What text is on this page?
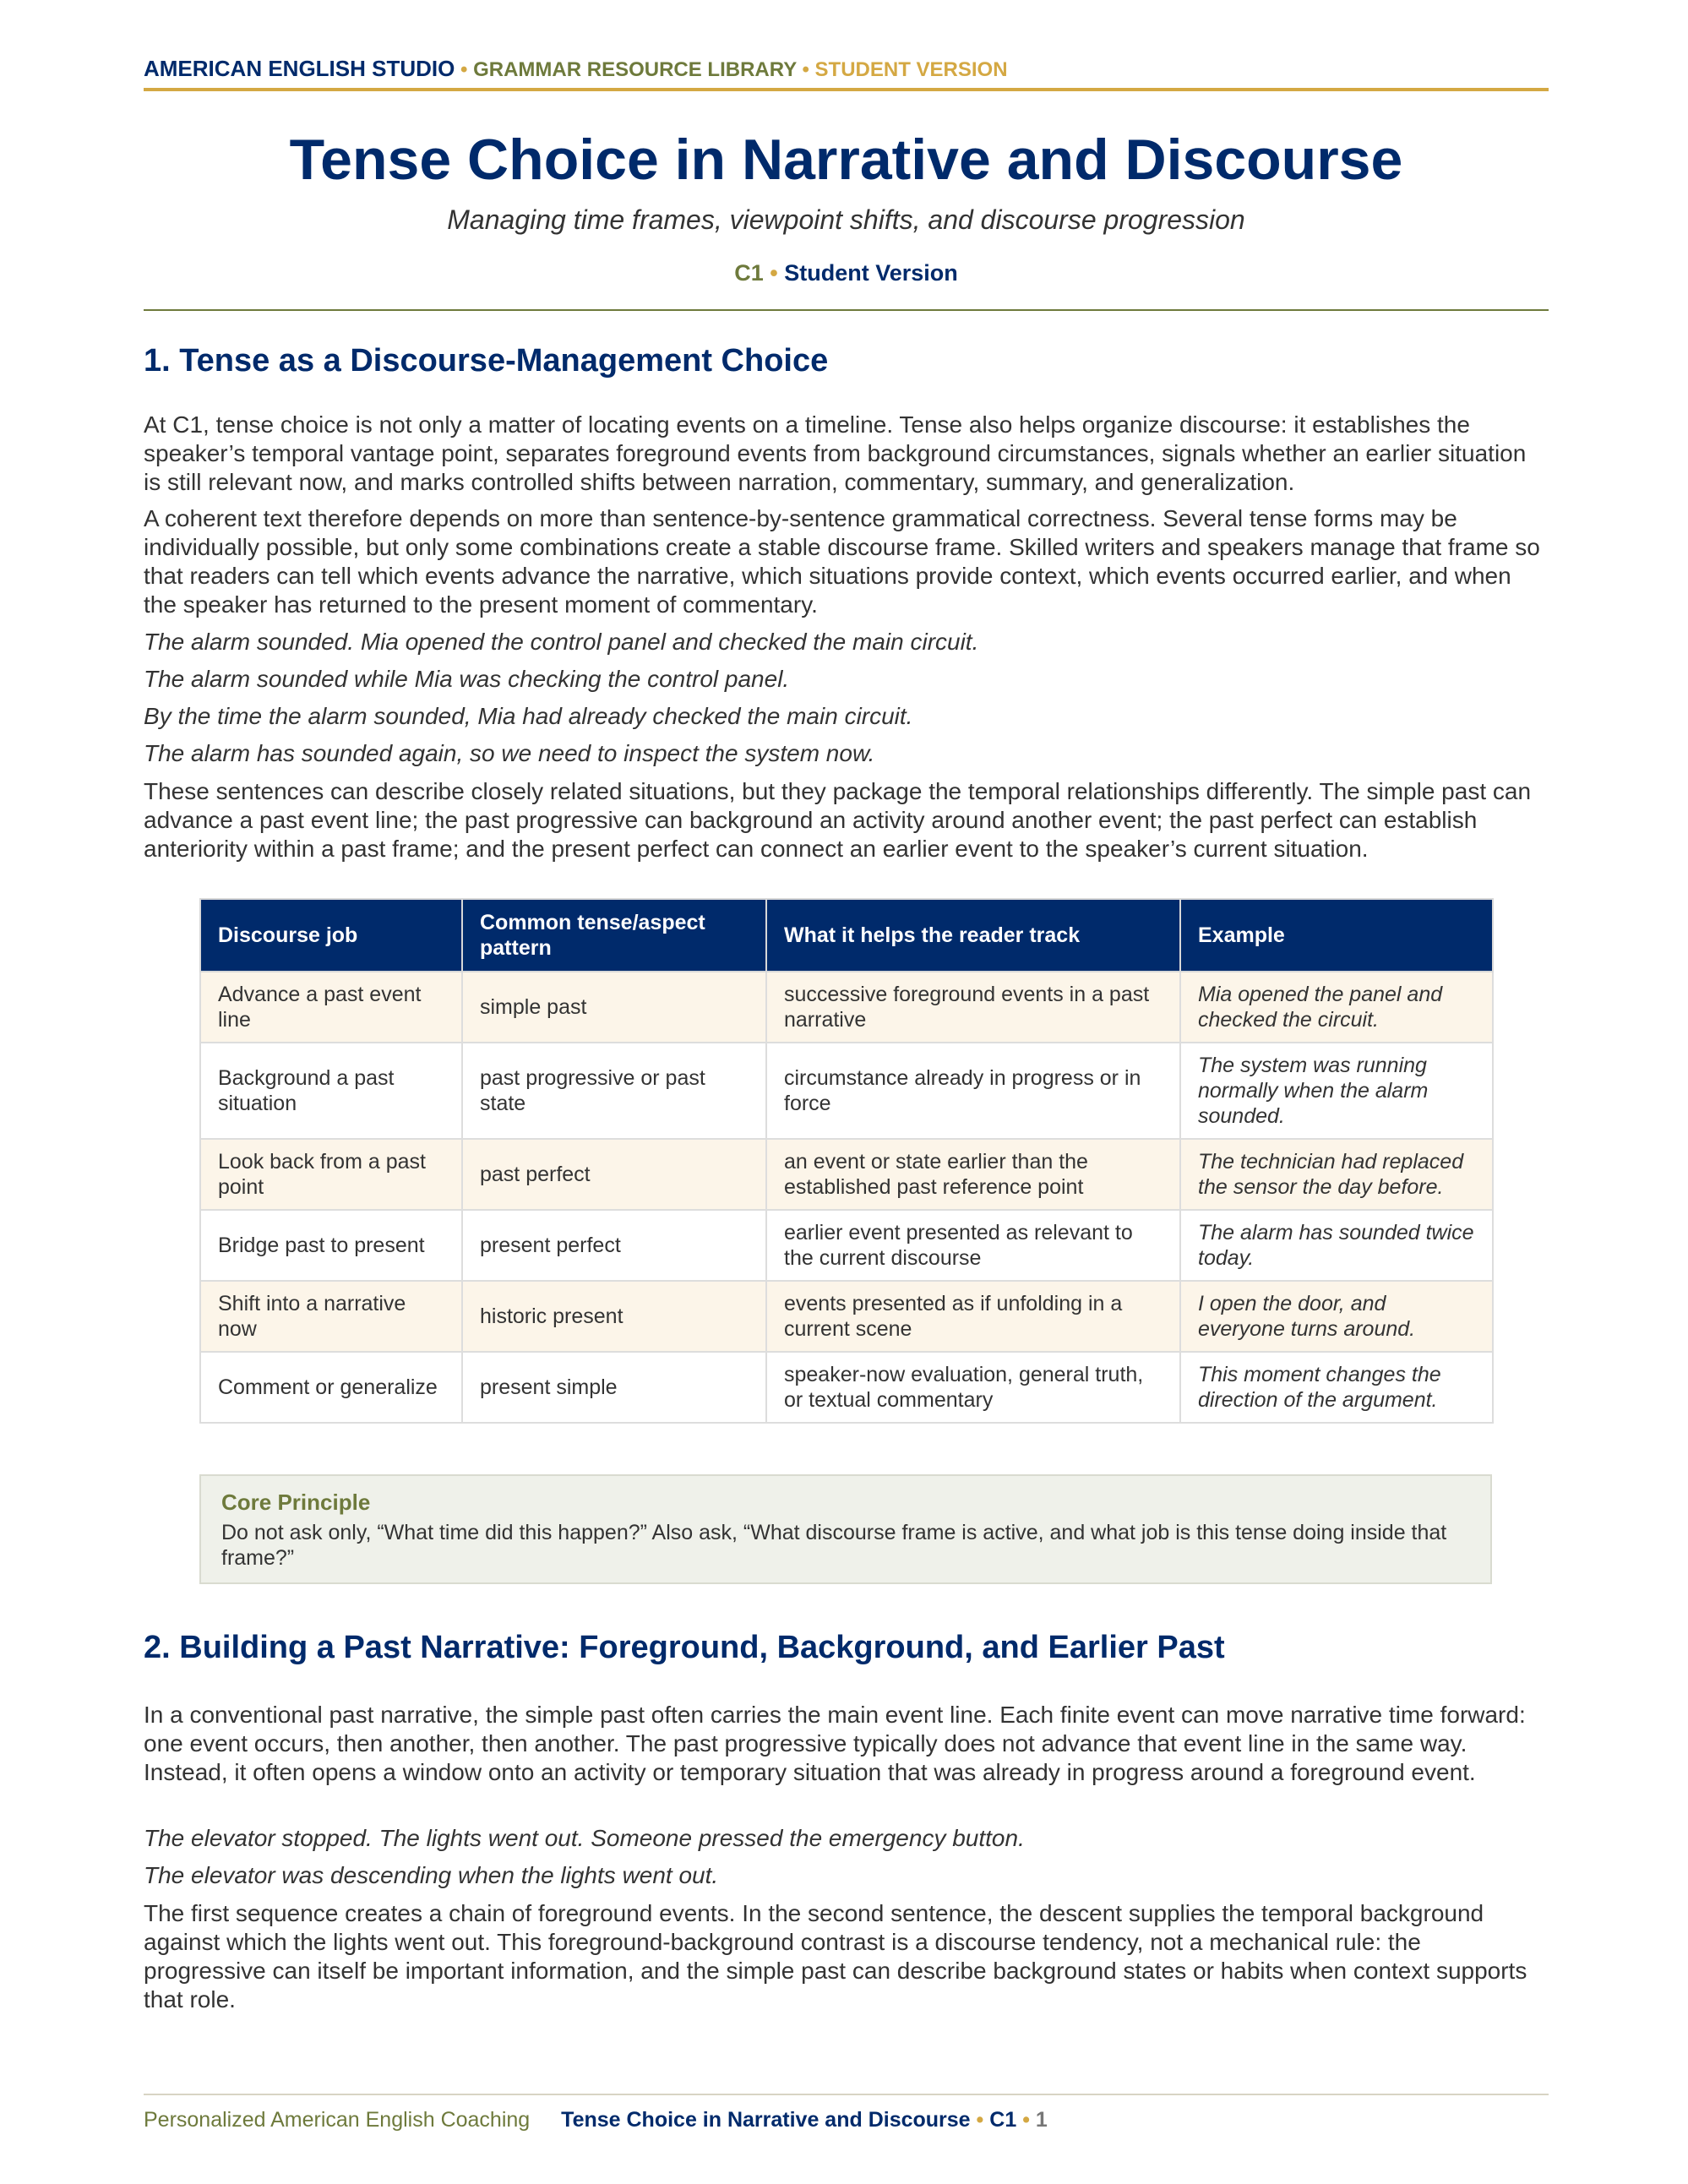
AMERICAN ENGLISH STUDIO • GRAMMAR RESOURCE LIBRARY • STUDENT VERSION
Tense Choice in Narrative and Discourse
Managing time frames, viewpoint shifts, and discourse progression
C1 • Student Version
1. Tense as a Discourse-Management Choice
At C1, tense choice is not only a matter of locating events on a timeline. Tense also helps organize discourse: it establishes the speaker’s temporal vantage point, separates foreground events from background circumstances, signals whether an earlier situation is still relevant now, and marks controlled shifts between narration, commentary, summary, and generalization.
A coherent text therefore depends on more than sentence-by-sentence grammatical correctness. Several tense forms may be individually possible, but only some combinations create a stable discourse frame. Skilled writers and speakers manage that frame so that readers can tell which events advance the narrative, which situations provide context, which events occurred earlier, and when the speaker has returned to the present moment of commentary.
The alarm sounded. Mia opened the control panel and checked the main circuit.
The alarm sounded while Mia was checking the control panel.
By the time the alarm sounded, Mia had already checked the main circuit.
The alarm has sounded again, so we need to inspect the system now.
These sentences can describe closely related situations, but they package the temporal relationships differently. The simple past can advance a past event line; the past progressive can background an activity around another event; the past perfect can establish anteriority within a past frame; and the present perfect can connect an earlier event to the speaker’s current situation.
Discourse job	Common tense/aspect pattern	What it helps the reader track	Example
Advance a past event line	simple past	successive foreground events in a past narrative	Mia opened the panel and checked the circuit.
Background a past situation	past progressive or past state	circumstance already in progress or in force	The system was running normally when the alarm sounded.
Look back from a past point	past perfect	an event or state earlier than the established past reference point	The technician had replaced the sensor the day before.
Bridge past to present	present perfect	earlier event presented as relevant to the current discourse	The alarm has sounded twice today.
Shift into a narrative now	historic present	events presented as if unfolding in a current scene	I open the door, and everyone turns around.
Comment or generalize	present simple	speaker-now evaluation, general truth, or textual commentary	This moment changes the direction of the argument.
Core Principle
Do not ask only, “What time did this happen?” Also ask, “What discourse frame is active, and what job is this tense doing inside that frame?”
2. Building a Past Narrative: Foreground, Background, and Earlier Past
In a conventional past narrative, the simple past often carries the main event line. Each finite event can move narrative time forward: one event occurs, then another, then another. The past progressive typically does not advance that event line in the same way. Instead, it often opens a window onto an activity or temporary situation that was already in progress around a foreground event.
The elevator stopped. The lights went out. Someone pressed the emergency button.
The elevator was descending when the lights went out.
The first sequence creates a chain of foreground events. In the second sentence, the descent supplies the temporal background against which the lights went out. This foreground-background contrast is a discourse tendency, not a mechanical rule: the progressive can itself be important information, and the simple past can describe background states or habits when context supports that role.
Personalized American English Coaching Tense Choice in Narrative and Discourse • C1 • 1
